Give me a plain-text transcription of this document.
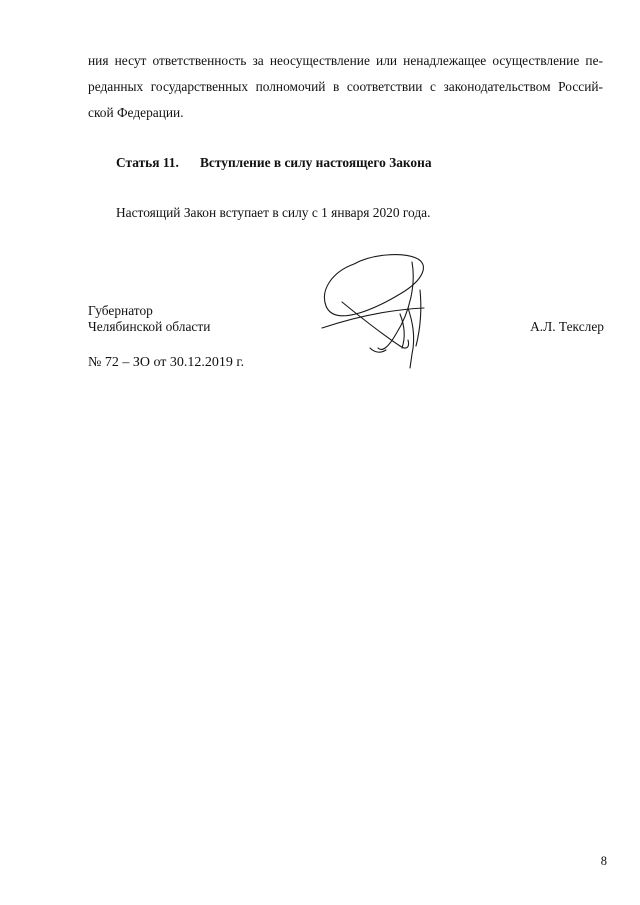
ния несут ответственность за неосуществление или ненадлежащее осуществление пе-
реданных государственных полномочий в соответствии с законодательством Россий-
ской Федерации.
Статья 11. Вступление в силу настоящего Закона
Настоящий Закон вступает в силу с 1 января 2020 года.
Губернатор
Челябинской области	А.Л. Текслер
№ 72 – ЗО от 30.12.2019 г.
8
